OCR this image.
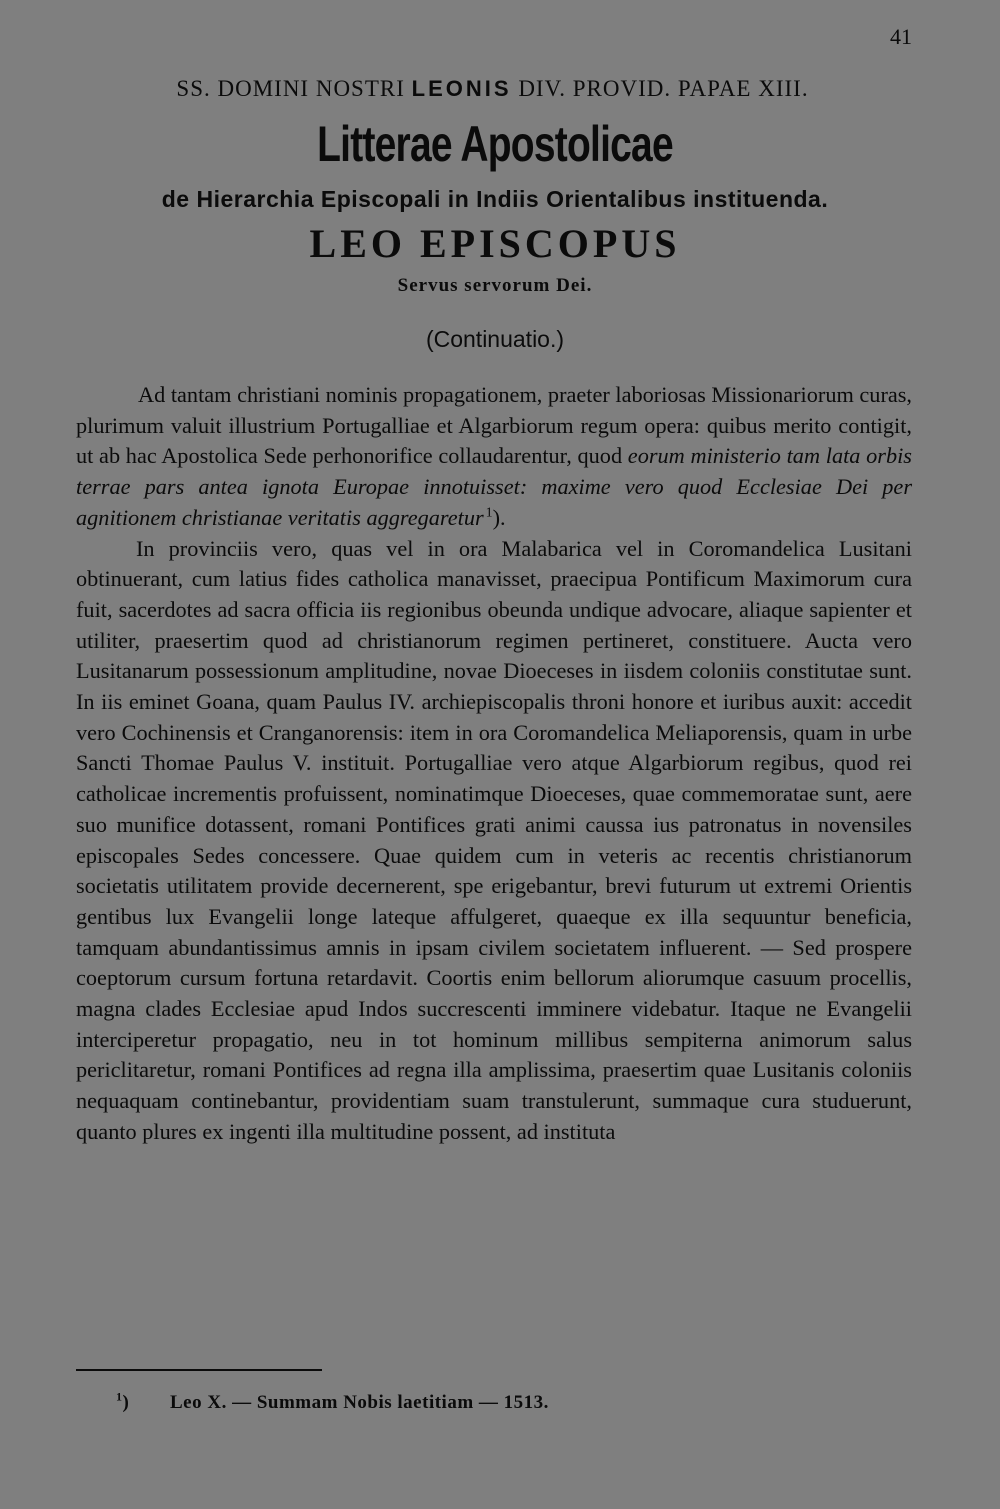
41
SS. DOMINI NOSTRI LEONIS DIV. PROVID. PAPAE XIII.
Litterae Apostolicae
de Hierarchia Episcopali in Indiis Orientalibus instituenda.
LEO EPISCOPUS
Servus servorum Dei.
(Continuatio.)

Ad tantam christiani nominis propagationem, praeter laboriosas Missionariorum curas, plurimum valuit illustrium Portugalliae et Algarbiorum regum opera: quibus merito contigit, ut ab hac Apostolica Sede perhonorifice collaudarentur, quod eorum ministerio tam lata orbis terrae pars antea ignota Europae innotuisset: maxime vero quod Ecclesiae Dei per agnitionem christianae veritatis aggregaretur  $^1$).

In provinciis vero, quas vel in ora Malabarica vel in Coromandelica Lusitani obtinuerant, cum latius fides catholica manavisset, praecipua Pontificum Maximorum cura fuit, sacerdotes ad sacra officia iis regionibus obeunda undique advocare, aliaque sapienter et utiliter, praesertim quod ad christianorum regimen pertineret, constituere. Aucta vero Lusitanarum possessionum amplitudine, novae Dioeceses in iisdem coloniis constitutae sunt. In iis eminet Goana, quam Paulus IV. archiepiscopalis throni honore et iuribus auxit: accedit vero Cochinensis et Cranganorensis: item in ora Coromandelica Meliaporensis, quam in urbe Sancti Thomae Paulus V. instituit. Portugalliae vero atque Algarbiorum regibus, quod rei catholicae incrementis profuissent, nominatimque Dioeceses, quae commemoratae sunt, aere suo munifice dotassent, romani Pontifices grati animi caussa ius patronatus in novensiles episcopales Sedes concessere. Quae quidem cum in veteris ac recentis christianorum societatis utilitatem provide decernerent, spe erigebantur, brevi futurum ut extremi Orientis gentibus lux Evangelii longe lateque affulgeret, quaeque ex illa sequuntur beneficia, tamquam abundantissimus amnis in ipsam civilem societatem influerent. — Sed prospere coeptorum cursum fortuna retardavit. Coortis enim bellorum aliorumque casuum procellis, magna clades Ecclesiae apud Indos succrescenti imminere videbatur. Itaque ne Evangelii interciperetur propagatio, neu in tot hominum millibus sempiterna animorum salus periclitaretur, romani Pontifices ad regna illa amplissima, praesertim quae Lusitanis coloniis nequaquam continebantur, providentiam suam transtulerunt, summaque cura studuerunt, quanto plures ex ingenti illa multitudine possent, ad instituta

$^1$) Leo X. — Summam Nobis laetitiam — 1513.
